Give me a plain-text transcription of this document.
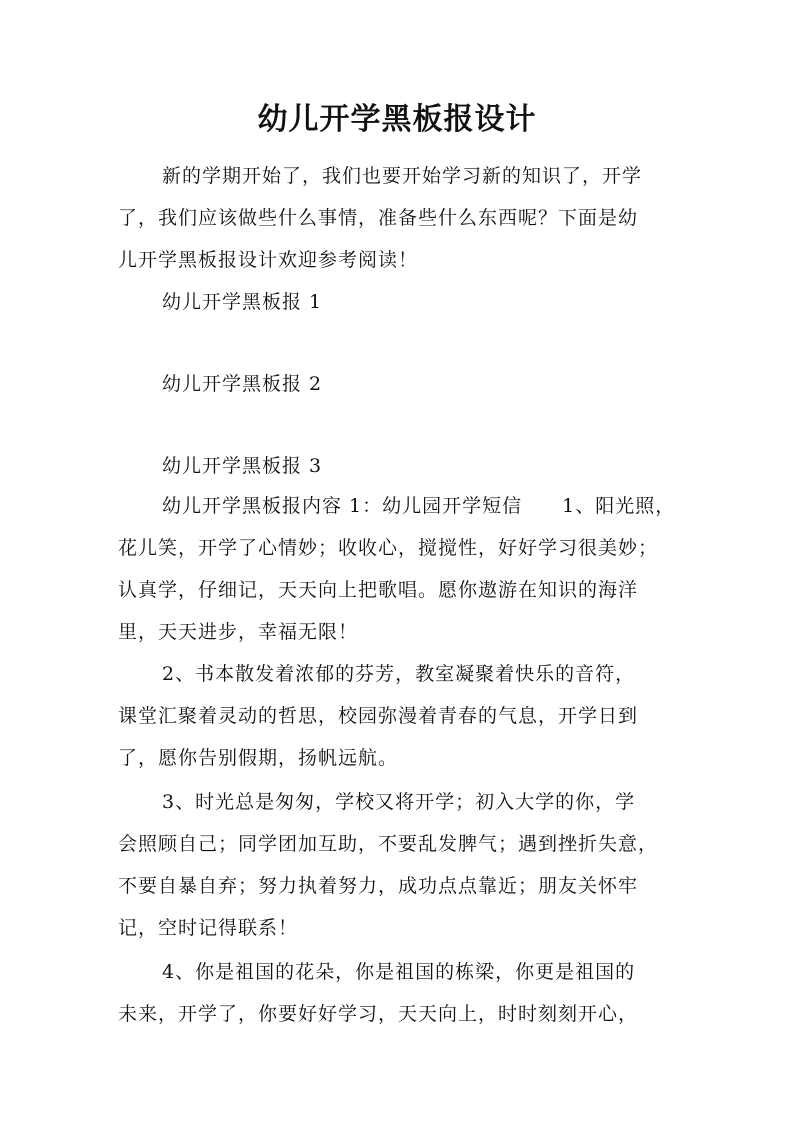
幼儿开学黑板报设计

新的学期开始了，我们也要开始学习新的知识了，开学

了，我们应该做些什么事情，准备些什么东西呢？下面是幼

儿开学黑板报设计欢迎参考阅读！

幼儿开学黑板报 1

幼儿开学黑板报 2

幼儿开学黑板报 3

幼儿开学黑板报内容 1：幼儿园开学短信 1、阳光照，

花儿笑，开学了心情妙；收收心，搅搅性，好好学习很美妙；

认真学，仔细记，天天向上把歌唱。愿你遨游在知识的海洋

里，天天进步，幸福无限！

2、书本散发着浓郁的芬芳，教室凝聚着快乐的音符，

课堂汇聚着灵动的哲思，校园弥漫着青春的气息，开学日到

了，愿你告别假期，扬帆远航。

3、时光总是匆匆，学校又将开学；初入大学的你，学

会照顾自己；同学团加互助，不要乱发脾气；遇到挫折失意，

不要自暴自弃；努力执着努力，成功点点靠近；朋友关怀牢

记，空时记得联系！

4、你是祖国的花朵，你是祖国的栋梁，你更是祖国的

未来，开学了，你要好好学习，天天向上，时时刻刻开心，
